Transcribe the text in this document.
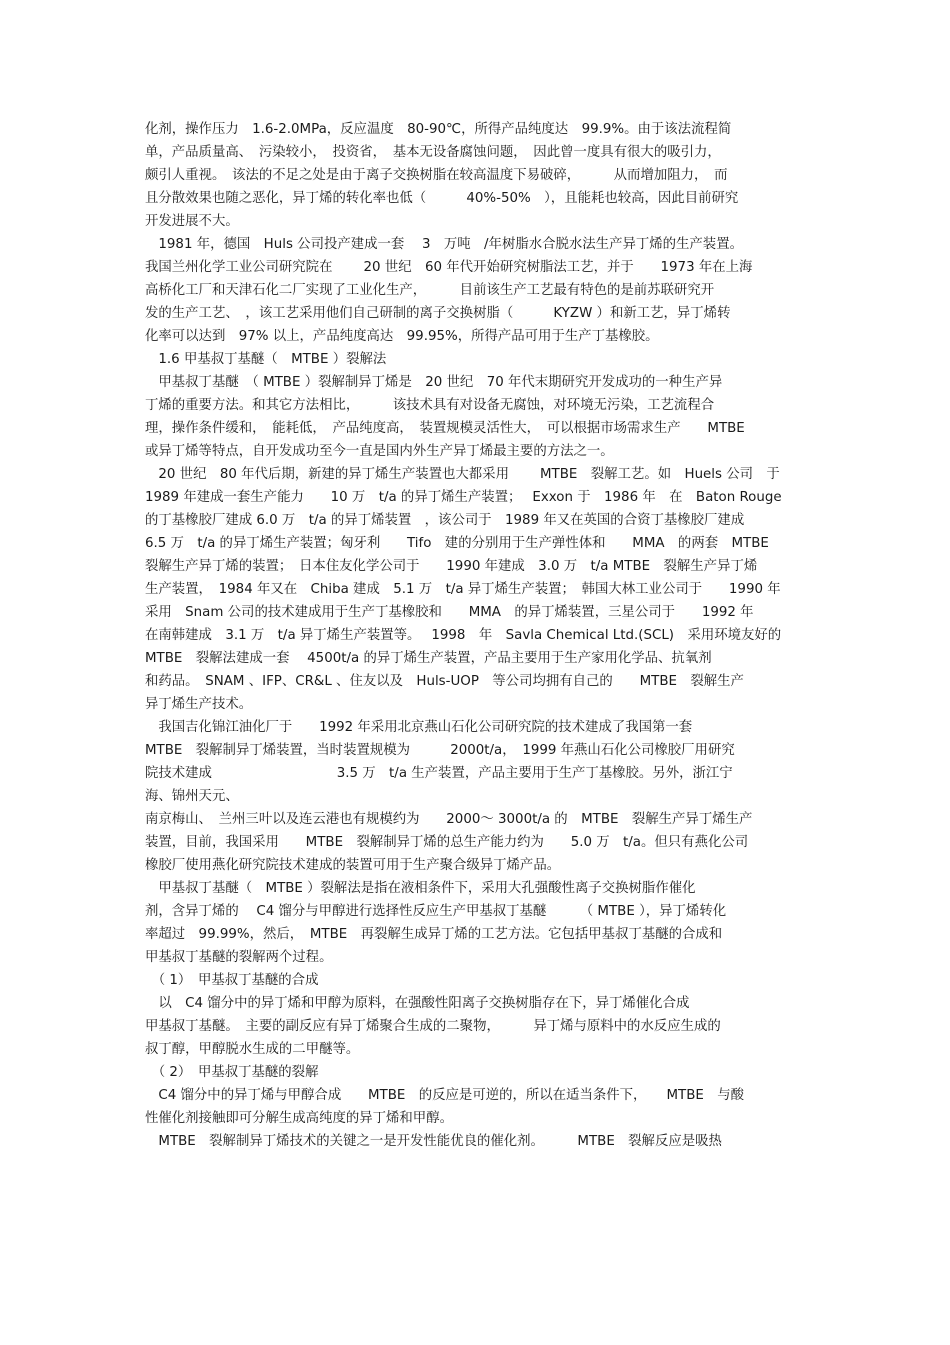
化剂，操作压力　1.6-2.0MPa，反应温度　80-90℃，所得产品纯度达　99.9%。由于该法流程简
单，产品质量高、　污染较小，　投资省，　基本无设备腐蚀问题，　因此曾一度具有很大的吸引力，
颇引人重视。　该法的不足之处是由于离子交换树脂在较高温度下易破碎，　　　从而增加阻力，　而
且分散效果也随之恶化，异丁烯的转化率也低（　　　40%-50%　），且能耗也较高，因此目前研究
开发进展不大。
　1981 年，德国　Huls 公司投产建成一套　 3　万吨　/年树脂水合脱水法生产异丁烯的生产装置。
我国兰州化学工业公司研究院在　　 20 世纪　60 年代开始研究树脂法工艺，并于　　1973 年在上海
高桥化工厂和天津石化二厂实现了工业化生产，　　　目前该生产工艺最有特色的是前苏联研究开
发的生产工艺、　，该工艺采用他们自己研制的离子交换树脂（　　　KYZW ）和新工艺，异丁烯转
化率可以达到　97% 以上，产品纯度高达　99.95%，所得产品可用于生产丁基橡胶。
　1.6 甲基叔丁基醚（　MTBE ）裂解法
　甲基叔丁基醚　（ MTBE ）裂解制异丁烯是　20 世纪　70 年代末期研究开发成功的一种生产异
丁烯的重要方法。和其它方法相比，　　　该技术具有对设备无腐蚀，对环境无污染，工艺流程合
理，操作条件缓和，　能耗低，　产品纯度高，　装置规模灵活性大，　可以根据市场需求生产　　MTBE
或异丁烯等特点，自开发成功至今一直是国内外生产异丁烯最主要的方法之一。
　20 世纪　80 年代后期，新建的异丁烯生产装置也大都采用　　 MTBE　裂解工艺。如　Huels 公司　于
1989 年建成一套生产能力　　10 万　t/a 的异丁烯生产装置；　 Exxon 于　1986 年　在　Baton Rouge
的丁基橡胶厂建成 6.0 万　t/a 的异丁烯装置　，该公司于　1989 年又在英国的合资丁基橡胶厂建成
6.5 万　t/a 的异丁烯生产装置；匈牙利　　Tifo　建的分别用于生产弹性体和　　MMA　的两套　MTBE
裂解生产异丁烯的装置；　日本住友化学公司于　　1990 年建成　3.0 万　t/a MTBE　裂解生产异丁烯
生产装置，　1984 年又在　Chiba 建成　5.1 万　t/a 异丁烯生产装置；　韩国大林工业公司于　　1990 年
采用　Snam 公司的技术建成用于生产丁基橡胶和　　MMA　的异丁烯装置，三星公司于　　1992 年
在南韩建成　3.1 万　t/a 异丁烯生产装置等。　 1998　年　Savla Chemical Ltd.(SCL)　采用环境友好的
MTBE　裂解法建成一套　 4500t/a 的异丁烯生产装置，产品主要用于生产家用化学品、抗氧剂
和药品。　SNAM 、IFP、CR&L 、住友以及　Huls-UOP　等公司均拥有自己的　　MTBE　裂解生产
异丁烯生产技术。
　我国吉化锦江油化厂于　　1992 年采用北京燕山石化公司研究院的技术建成了我国第一套
MTBE　裂解制异丁烯装置，当时装置规模为　　　2000t/a，　1999 年燕山石化公司橡胶厂用研究
院技术建成　　　　　　　　　 3.5 万　t/a 生产装置，产品主要用于生产丁基橡胶。另外，浙江宁
海、锦州天元、
南京梅山、　兰州三叶以及连云港也有规模约为　　2000～ 3000t/a 的　MTBE　裂解生产异丁烯生产
装置，目前，我国采用　　MTBE　裂解制异丁烯的总生产能力约为　　5.0 万　t/a。但只有燕化公司
橡胶厂使用燕化研究院技术建成的装置可用于生产聚合级异丁烯产品。
　甲基叔丁基醚（　MTBE ）裂解法是指在液相条件下，采用大孔强酸性离子交换树脂作催化
剂，含异丁烯的　 C4 馏分与甲醇进行选择性反应生产甲基叔丁基醚　　　（ MTBE ），异丁烯转化
率超过　99.99%，然后，　MTBE　再裂解生成异丁烯的工艺方法。它包括甲基叔丁基醚的合成和
甲基叔丁基醚的裂解两个过程。
　（ 1）　甲基叔丁基醚的合成
　以　C4 馏分中的异丁烯和甲醇为原料，在强酸性阳离子交换树脂存在下，异丁烯催化合成
甲基叔丁基醚。　主要的副反应有异丁烯聚合生成的二聚物，　　　异丁烯与原料中的水反应生成的
叔丁醇，甲醇脱水生成的二甲醚等。
　（ 2）　甲基叔丁基醚的裂解
　C4 馏分中的异丁烯与甲醇合成　　MTBE　的反应是可逆的，所以在适当条件下，　　MTBE　与酸
性催化剂接触即可分解生成高纯度的异丁烯和甲醇。
　MTBE　裂解制异丁烯技术的关键之一是开发性能优良的催化剂。　　　MTBE　裂解反应是吸热
